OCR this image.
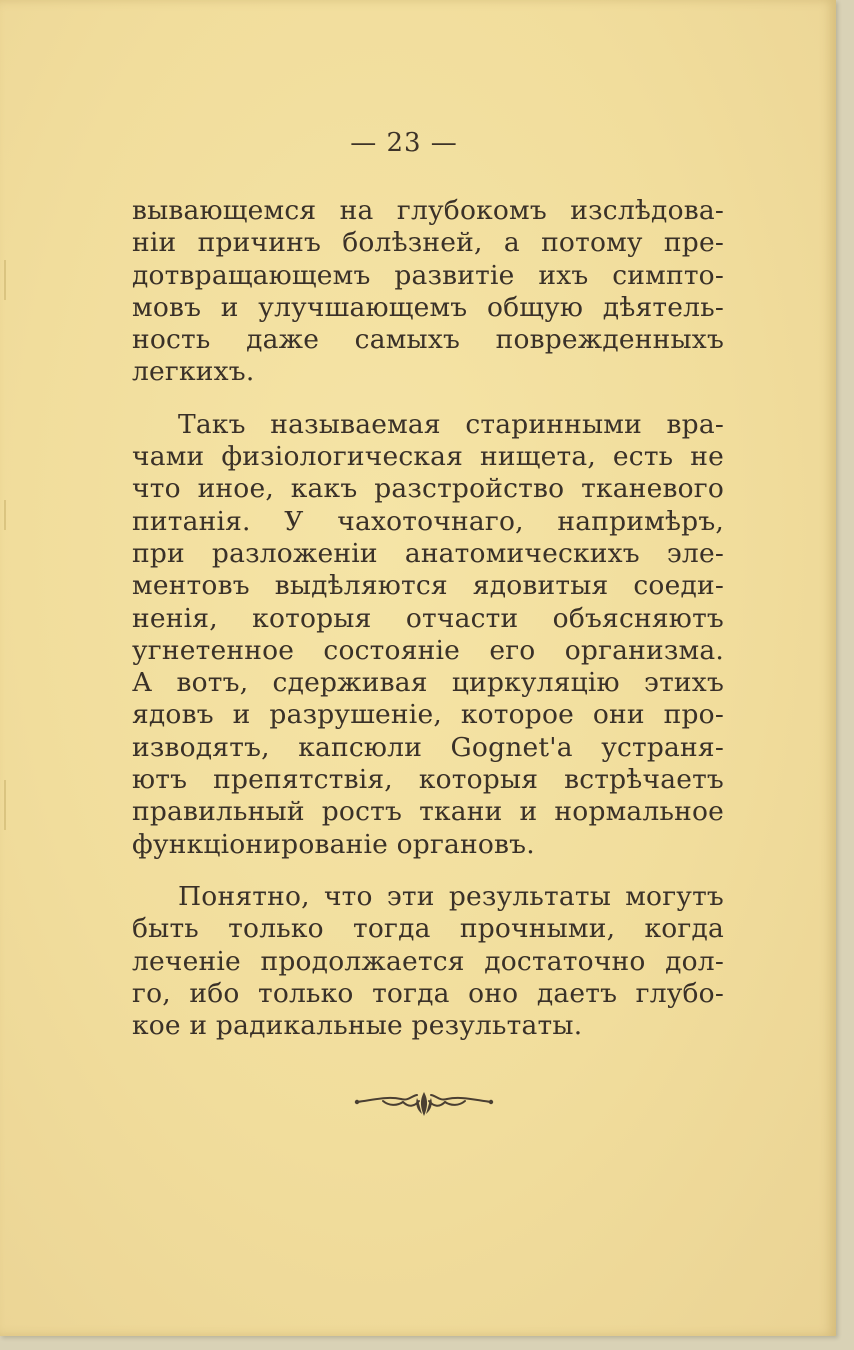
— 23 —
вывающемся на глубокомъ изслѣдова-
ніи причинъ болѣзней, а потому пре-
дотвращающемъ развитіе ихъ симпто-
мовъ и улучшающемъ общую дѣятель-
ность даже самыхъ поврежденныхъ
легкихъ.
Такъ называемая старинными вра-
чами физіологическая нищета, есть не
что иное, какъ разстройство тканевого
питанія. У чахоточнаго, напримѣръ,
при разложеніи анатомическихъ эле-
ментовъ выдѣляются ядовитыя соеди-
ненія, которыя отчасти объясняютъ
угнетенное состояніе его организма.
А вотъ, сдерживая циркуляцію этихъ
ядовъ и разрушеніе, которое они про-
изводятъ, капсюли Gognet'a устраня-
ютъ препятствія, которыя встрѣчаетъ
правильный ростъ ткани и нормальное
функціонированіе органовъ.
Понятно, что эти результаты могутъ
быть только тогда прочными, когда
леченіе продолжается достаточно дол-
го, ибо только тогда оно даетъ глубо-
кое и радикальные результаты.
